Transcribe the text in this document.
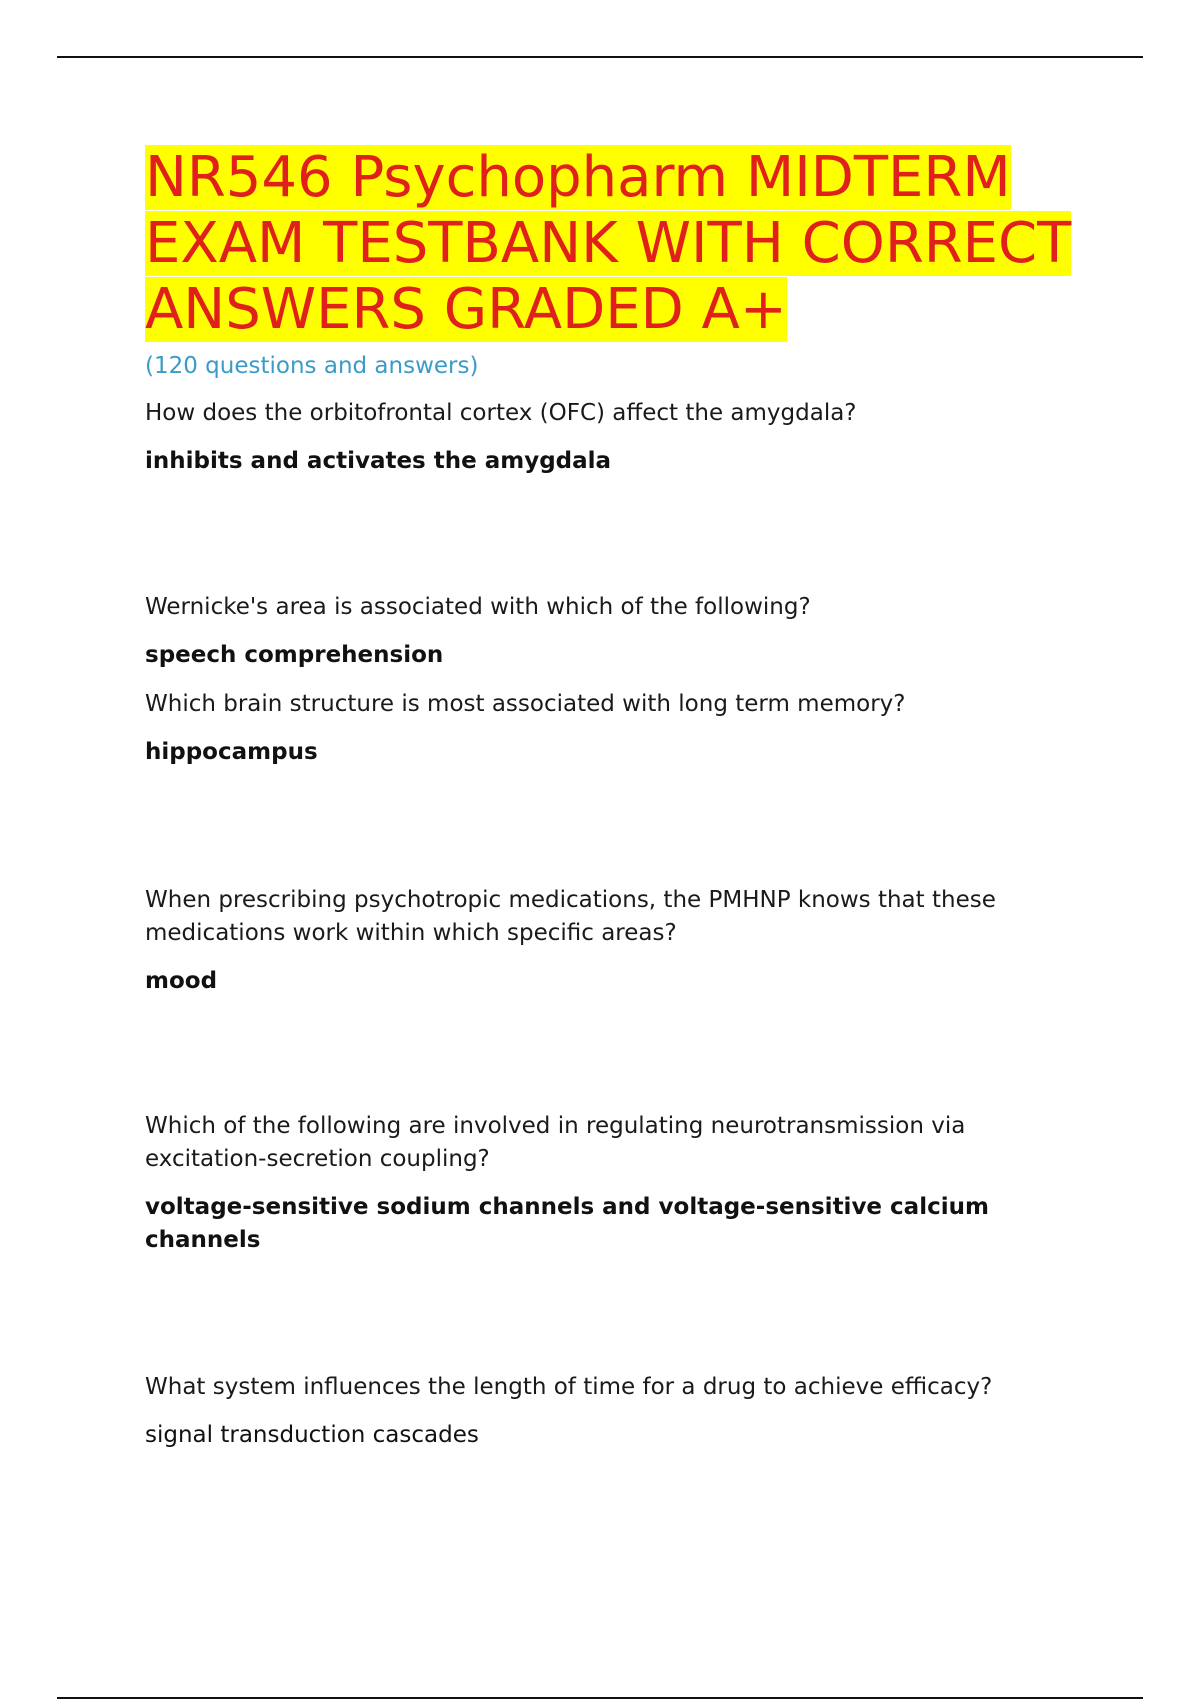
NR546 Psychopharm MIDTERM EXAM TESTBANK WITH CORRECT ANSWERS GRADED A+
(120 questions and answers)

How does the orbitofrontal cortex (OFC) affect the amygdala?

inhibits and activates the amygdala

Wernicke's area is associated with which of the following?

speech comprehension

Which brain structure is most associated with long term memory?

hippocampus

When prescribing psychotropic medications, the PMHNP knows that these medications work within which specific areas?

mood

Which of the following are involved in regulating neurotransmission via excitation-secretion coupling?

voltage-sensitive sodium channels and voltage-sensitive calcium channels

What system influences the length of time for a drug to achieve efficacy?

signal transduction cascades
